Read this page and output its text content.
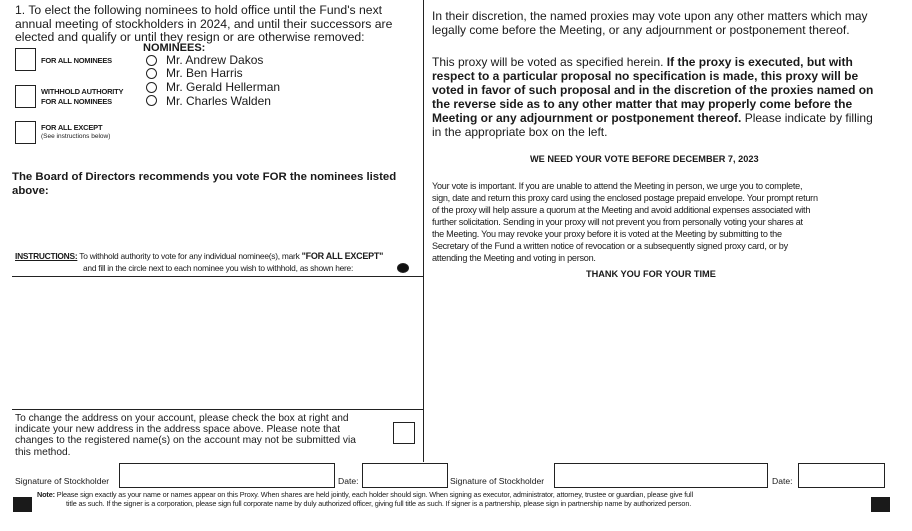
1. To elect the following nominees to hold office until the Fund's next
annual meeting of stockholders in 2024, and until their successors are
elected and qualify or until they resign or are otherwise removed:
NOMINEES:
Mr. Andrew Dakos
Mr. Ben Harris
Mr. Gerald Hellerman
Mr. Charles Walden
FOR ALL NOMINEES
WITHHOLD AUTHORITY
FOR ALL NOMINEES
FOR ALL EXCEPT
(See instructions below)
The Board of Directors recommends you vote FOR the nominees listed
above:
INSTRUCTIONS: To withhold authority to vote for any individual nominee(s), mark "FOR ALL EXCEPT"
and fill in the circle next to each nominee you wish to withhold, as shown here:
To change the address on your account, please check the box at right and
indicate your new address in the address space above. Please note that
changes to the registered name(s) on the account may not be submitted via
this method.
In their discretion, the named proxies may vote upon any other matters which may
legally come before the Meeting, or any adjournment or postponement thereof.
This proxy will be voted as specified herein. If the proxy is executed, but with
respect to a particular proposal no specification is made, this proxy will be
voted in favor of such proposal and in the discretion of the proxies named on
the reverse side as to any other matter that may properly come before the
Meeting or any adjournment or postponement thereof. Please indicate by filling
in the appropriate box on the left.
WE NEED YOUR VOTE BEFORE DECEMBER 7, 2023
Your vote is important. If you are unable to attend the Meeting in person, we urge you to complete,
sign, date and return this proxy card using the enclosed postage prepaid envelope. Your prompt return
of the proxy will help assure a quorum at the Meeting and avoid additional expenses associated with
further solicitation. Sending in your proxy will not prevent you from personally voting your shares at
the Meeting. You may revoke your proxy before it is voted at the Meeting by submitting to the
Secretary of the Fund a written notice of revocation or a subsequently signed proxy card, or by
attending the Meeting and voting in person.
THANK YOU FOR YOUR TIME
Signature of Stockholder	Date:	Signature of Stockholder	Date:
Note: Please sign exactly as your name or names appear on this Proxy. When shares are held jointly, each holder should sign. When signing as executor, administrator, attorney, trustee or guardian, please give full
title as such. If the signer is a corporation, please sign full corporate name by duly authorized officer, giving full title as such. If signer is a partnership, please sign in partnership name by authorized person.
